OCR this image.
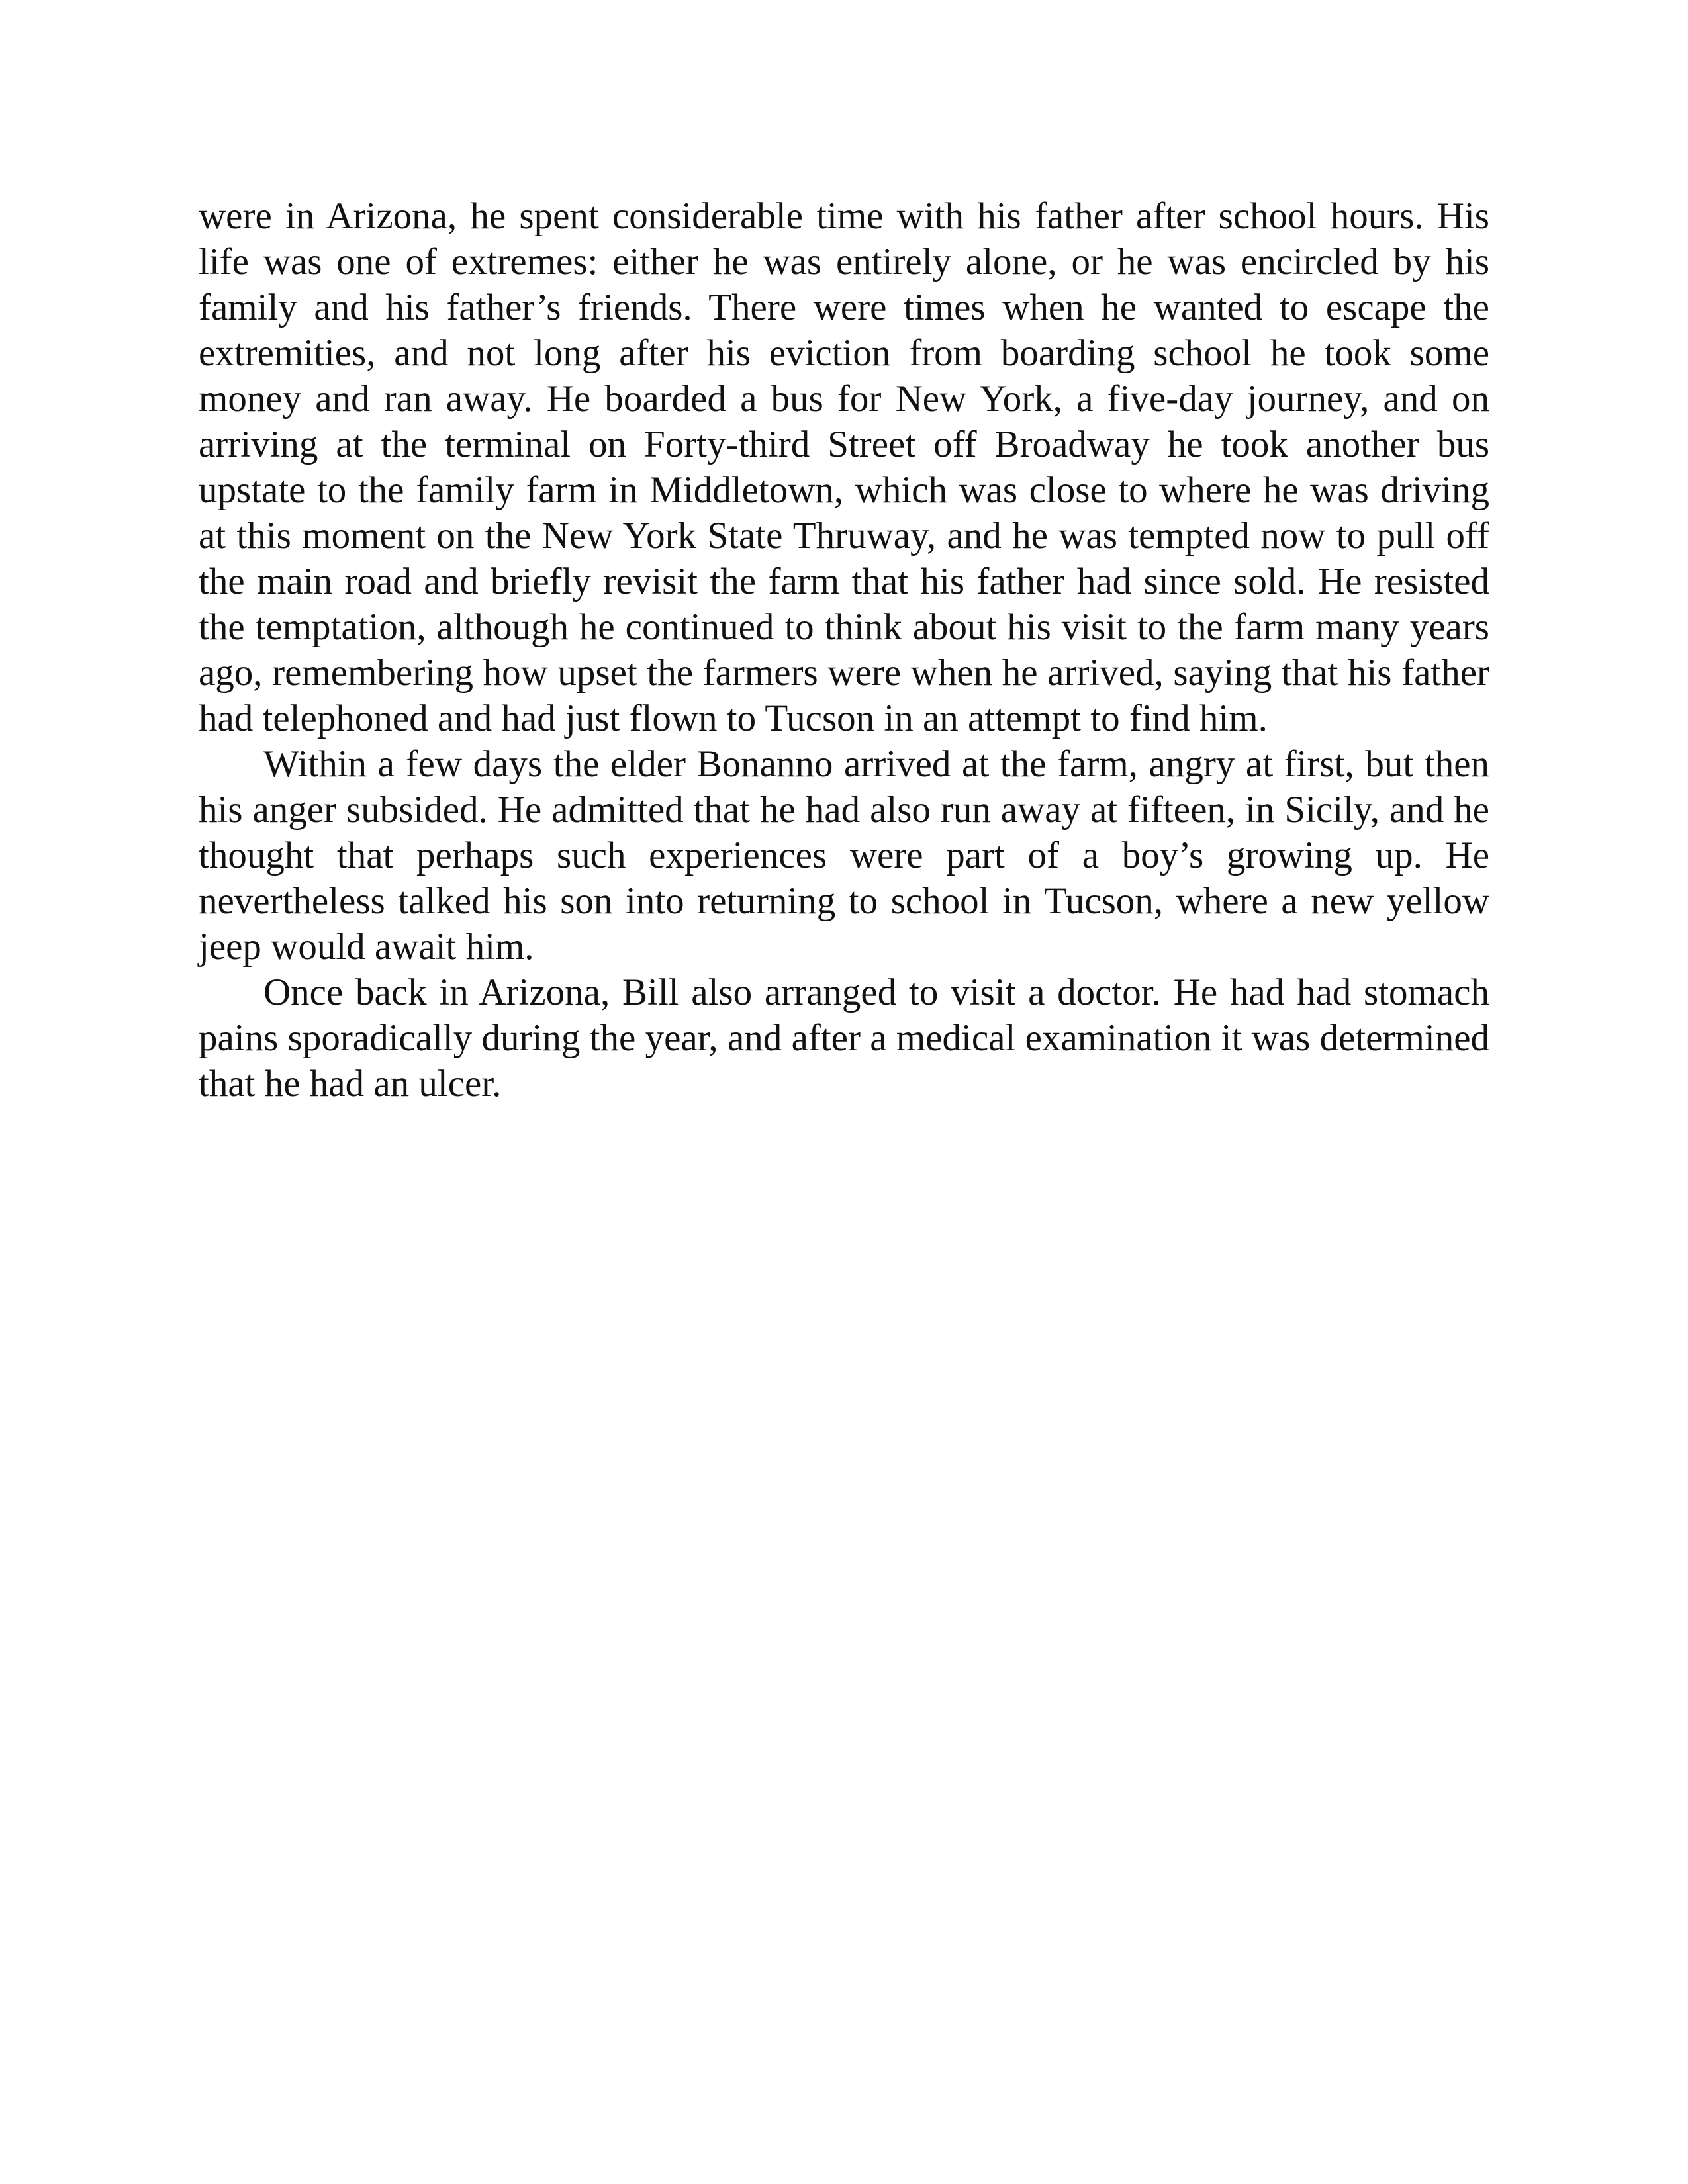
were in Arizona, he spent considerable time with his father after school hours. His life was one of extremes: either he was entirely alone, or he was encircled by his family and his father’s friends. There were times when he wanted to escape the extremities, and not long after his eviction from boarding school he took some money and ran away. He boarded a bus for New York, a five-day journey, and on arriving at the terminal on Forty-third Street off Broadway he took another bus upstate to the family farm in Middletown, which was close to where he was driving at this moment on the New York State Thruway, and he was tempted now to pull off the main road and briefly revisit the farm that his father had since sold. He resisted the temptation, although he continued to think about his visit to the farm many years ago, remembering how upset the farmers were when he arrived, saying that his father had telephoned and had just flown to Tucson in an attempt to find him.

Within a few days the elder Bonanno arrived at the farm, angry at first, but then his anger subsided. He admitted that he had also run away at fifteen, in Sicily, and he thought that perhaps such experiences were part of a boy’s growing up. He nevertheless talked his son into returning to school in Tucson, where a new yellow jeep would await him.

Once back in Arizona, Bill also arranged to visit a doctor. He had had stomach pains sporadically during the year, and after a medical examination it was determined that he had an ulcer.
